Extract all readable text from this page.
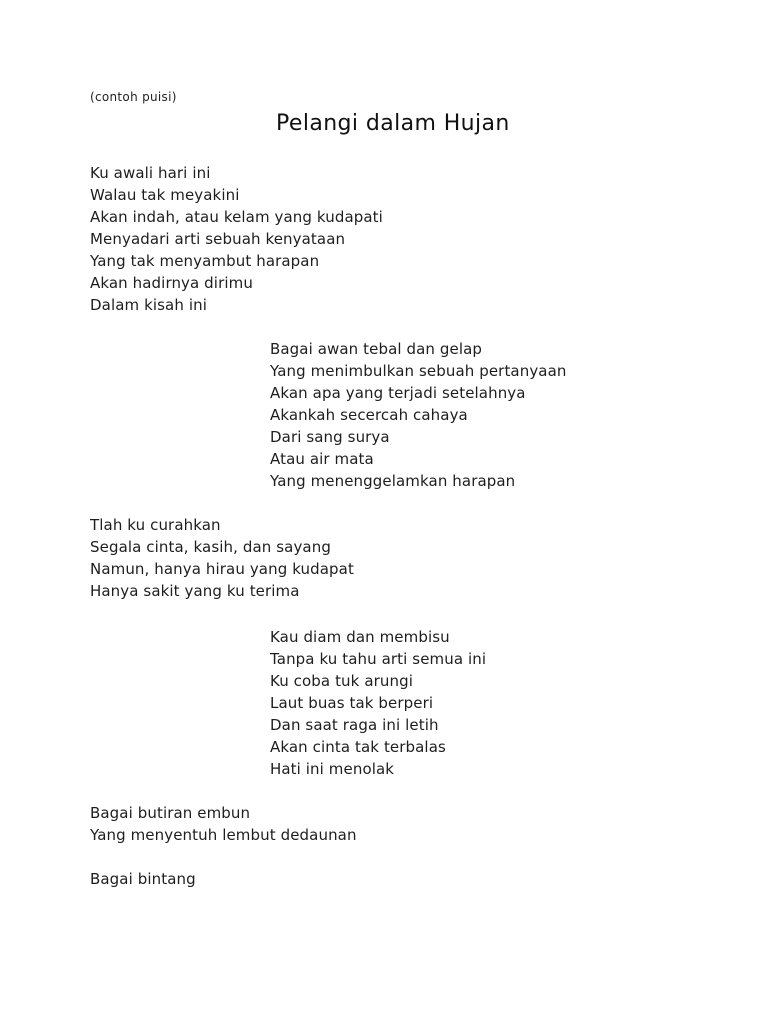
(contoh puisi)
Pelangi dalam Hujan
Ku awali hari ini
Walau tak meyakini
Akan indah, atau kelam yang kudapati
Menyadari arti sebuah kenyataan
Yang tak menyambut harapan
Akan hadirnya dirimu
Dalam kisah ini
Bagai awan tebal dan gelap
Yang menimbulkan sebuah pertanyaan
Akan apa yang terjadi setelahnya
Akankah secercah cahaya
Dari sang surya
Atau air mata
Yang menenggelamkan harapan
Tlah ku curahkan
Segala cinta, kasih, dan sayang
Namun, hanya hirau yang kudapat
Hanya sakit yang ku terima
Kau diam dan membisu
Tanpa ku tahu arti semua ini
Ku coba tuk arungi
Laut buas tak berperi
Dan saat raga ini letih
Akan cinta tak terbalas
Hati ini menolak
Bagai butiran embun
Yang menyentuh lembut dedaunan
Bagai bintang
